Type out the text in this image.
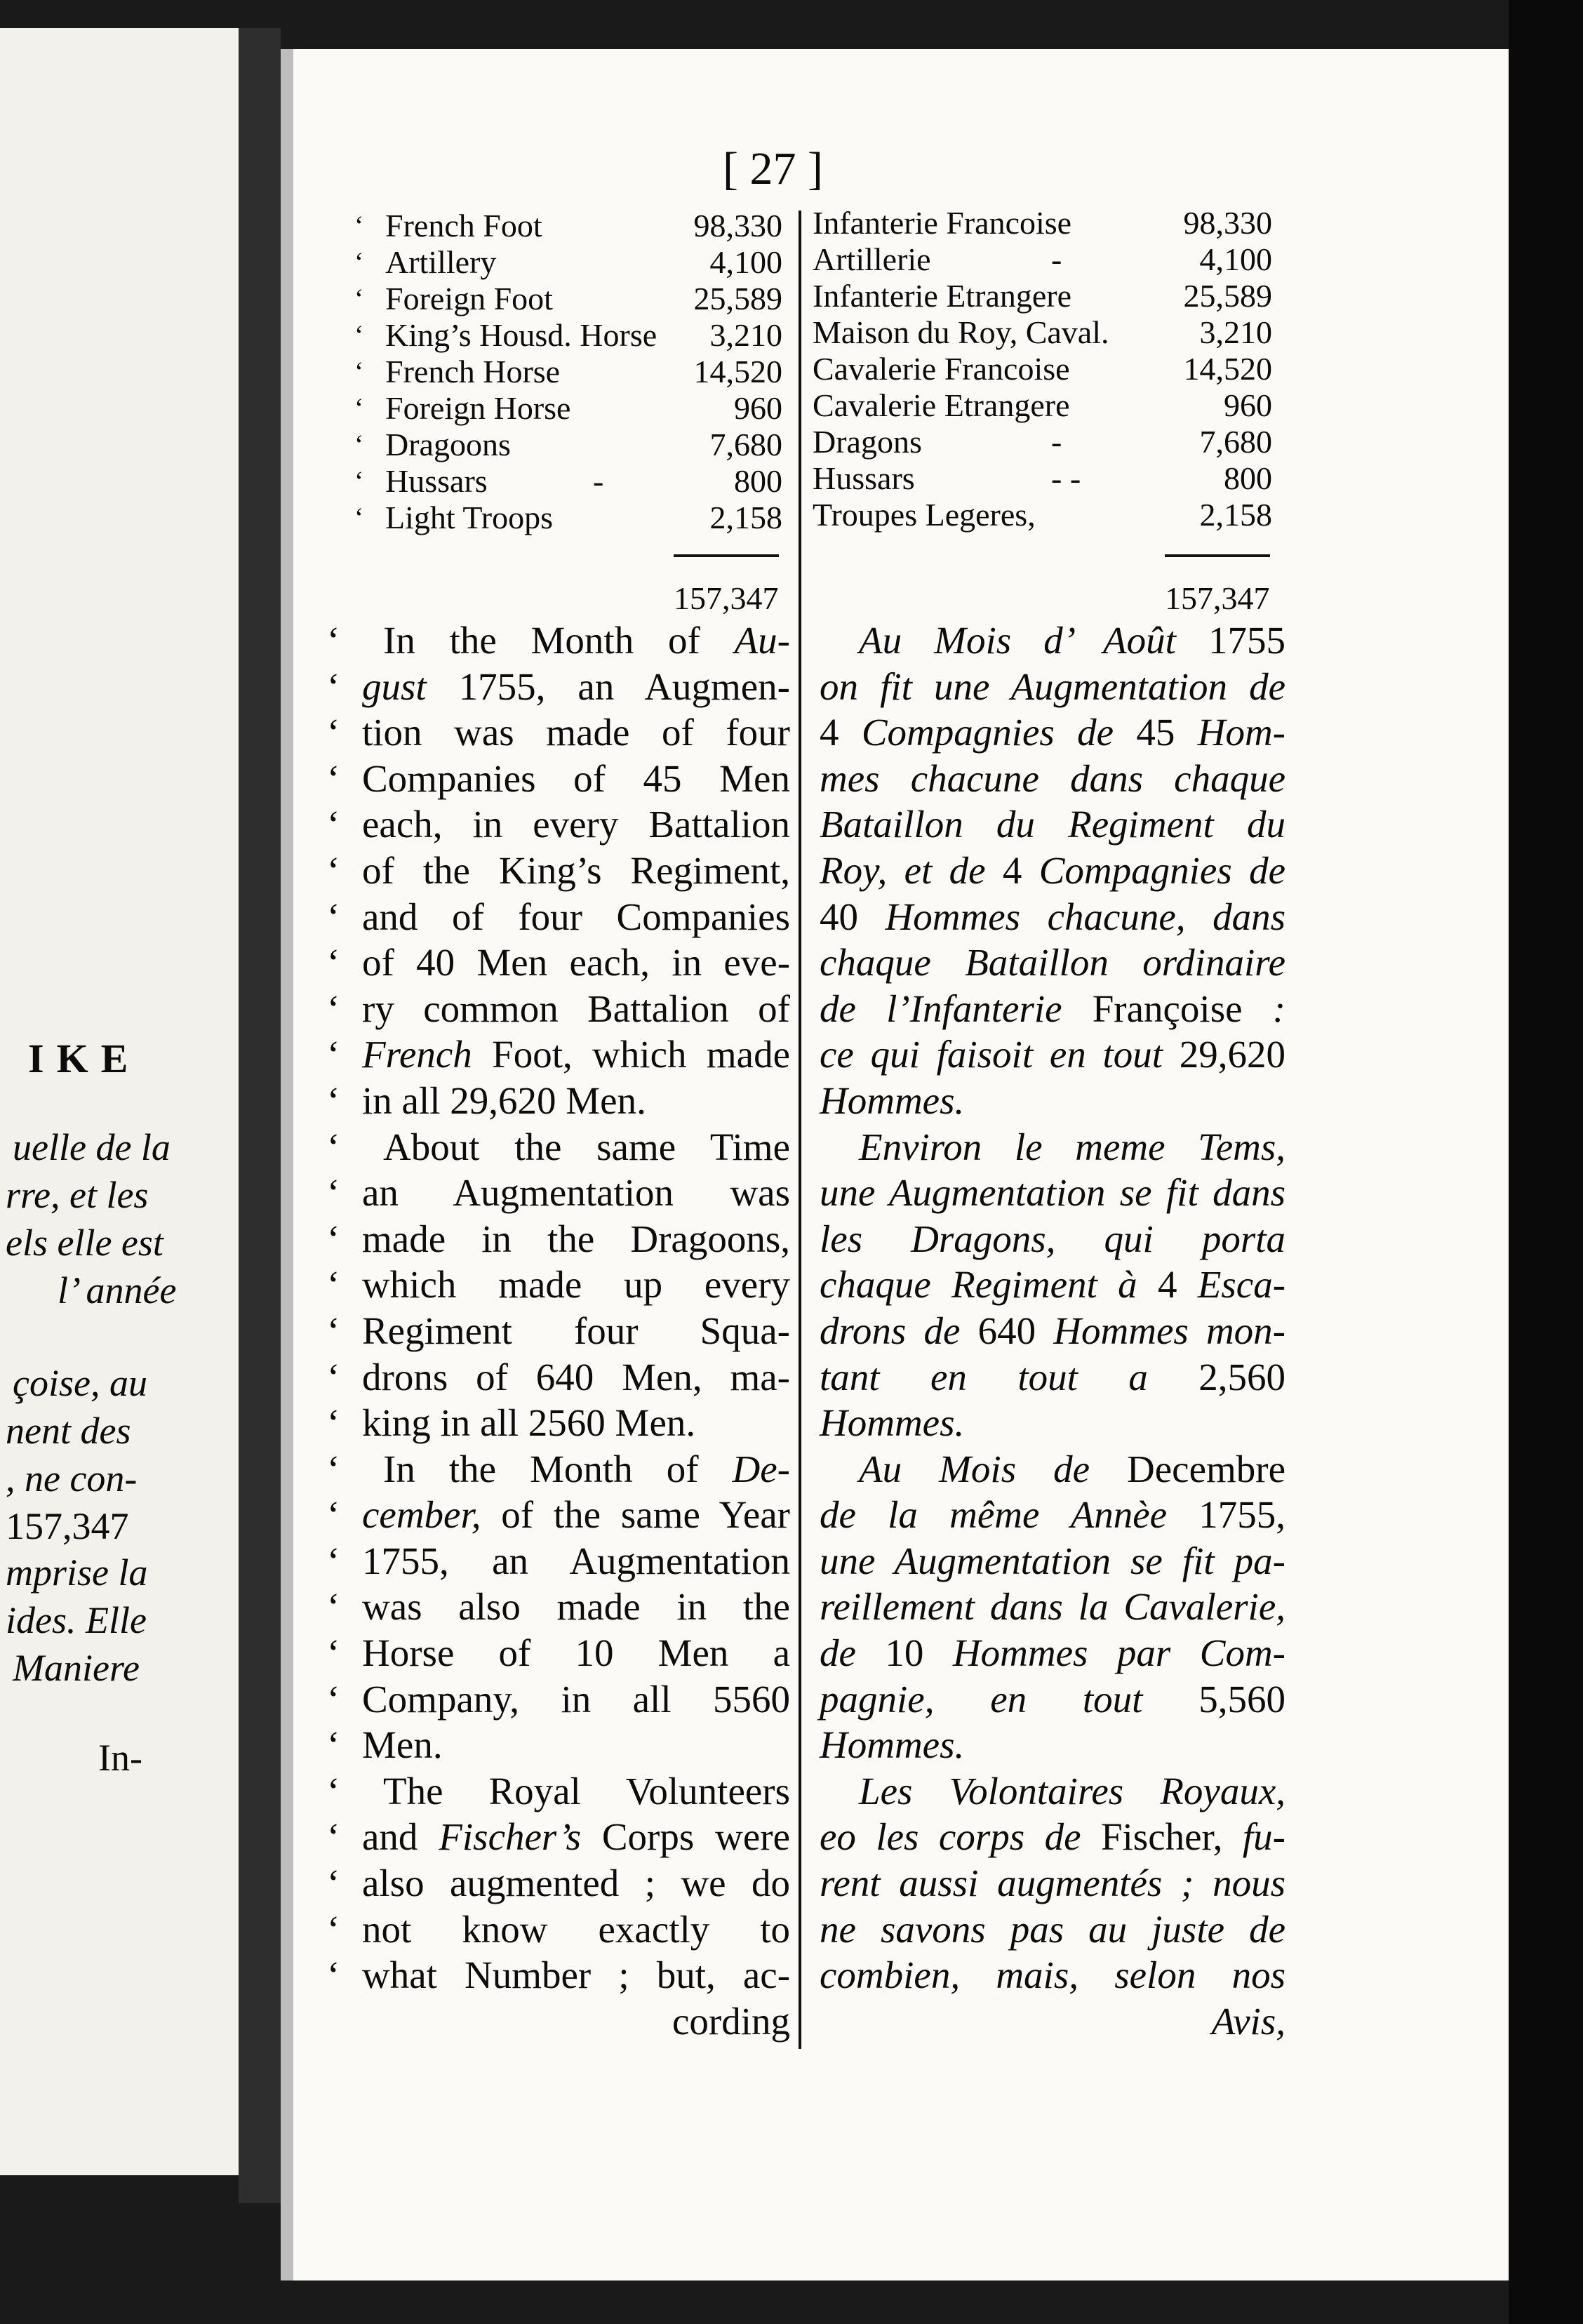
IKE
uelle de la
rre, et les
els elle est
l’ année
çoise, au
nent des
, ne con-
157,347
mprise la
ides. Elle
Maniere
In-
[ 27 ]
‘ French Foot	98,330
‘ Artillery	4,100
‘ Foreign Foot	25,589
‘ King’s Housd. Horse 3,210
‘ French Horse	14,520
‘ Foreign Horse	960
‘ Dragoons	7,680
‘ Hussars	-	800
‘ Light Troops	2,158
157,347
Infanterie Francoise	98,330
Artillerie	-	4,100
Infanterie Etrangere	25,589
Maison du Roy, Caval.	3,210
Cavalerie Francoise	14,520
Cavalerie Etrangere	960
Dragons	-	7,680
Hussars	- -	800
Troupes Legeres,	2,158
157,347
‘ In the Month of Au-
‘ gust 1755, an Augmen-
‘ tion was made of four
‘ Companies of 45 Men
‘ each, in every Battalion
‘ of the King’s Regiment,
‘ and of four Companies
‘ of 40 Men each, in eve-
‘ ry common Battalion of
‘ French Foot, which made
‘ in all 29,620 Men.
‘ About the same Time
‘ an Augmentation was
‘ made in the Dragoons,
‘ which made up every
‘ Regiment four Squa-
‘ drons of 640 Men, ma-
‘ king in all 2560 Men.
‘ In the Month of De-
‘ cember, of the same Year
‘ 1755, an Augmentation
‘ was also made in the
‘ Horse of 10 Men a
‘ Company, in all 5560
‘ Men.
‘ The Royal Volunteers
‘ and Fischer’s Corps were
‘ also augmented ; we do
‘ not know exactly to
‘ what Number ; but, ac-
cording
Au Mois d’ Août 1755
on fit une Augmentation de
4 Compagnies de 45 Hom-
mes chacune dans chaque
Bataillon du Regiment du
Roy, et de 4 Compagnies de
40 Hommes chacune, dans
chaque Bataillon ordinaire
de l’Infanterie Françoise :
ce qui faisoit en tout 29,620
Hommes.
Environ le meme Tems,
une Augmentation se fit dans
les Dragons, qui porta
chaque Regiment à 4 Esca-
drons de 640 Hommes mon-
tant en tout a 2,560
Hommes.
Au Mois de Decembre
de la même Annèe 1755,
une Augmentation se fit pa-
reillement dans la Cavalerie,
de 10 Hommes par Com-
pagnie, en tout 5,560
Hommes.
Les Volontaires Royaux,
eo les corps de Fischer, fu-
rent aussi augmentés ; nous
ne savons pas au juste de
combien, mais, selon nos
Avis,
